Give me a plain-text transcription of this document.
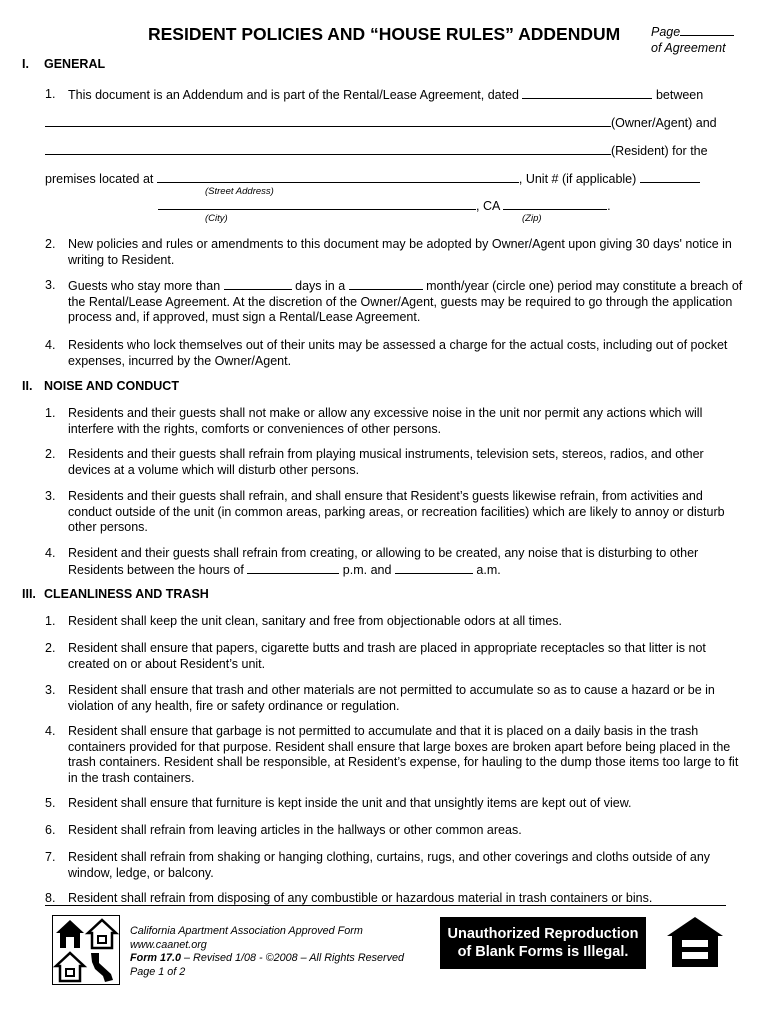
RESIDENT POLICIES AND “HOUSE RULES” ADDENDUM Page
of Agreement
I. GENERAL
1. This document is an Addendum and is part of the Rental/Lease Agreement, dated	between
(Owner/Agent) and
(Resident) for the
premises located at	, Unit # (if applicable)
(Street Address)
, CA	.
(City)	(Zip)
2. New policies and rules or amendments to this document may be adopted by Owner/Agent upon giving 30 days' notice in writing to Resident.
3. Guests who stay more than	days in a	month/year (circle one) period may constitute a breach of the Rental/Lease Agreement. At the discretion of the Owner/Agent, guests may be required to go through the application process and, if approved, must sign a Rental/Lease Agreement.
4. Residents who lock themselves out of their units may be assessed a charge for the actual costs, including out of pocket expenses, incurred by the Owner/Agent.
II. NOISE AND CONDUCT
1. Residents and their guests shall not make or allow any excessive noise in the unit nor permit any actions which will interfere with the rights, comforts or conveniences of other persons.
2. Residents and their guests shall refrain from playing musical instruments, television sets, stereos, radios, and other devices at a volume which will disturb other persons.
3. Residents and their guests shall refrain, and shall ensure that Resident’s guests likewise refrain, from activities and conduct outside of the unit (in common areas, parking areas, or recreation facilities) which are likely to annoy or disturb other persons.
4. Resident and their guests shall refrain from creating, or allowing to be created, any noise that is disturbing to other Residents between the hours of	p.m. and	a.m.
III. CLEANLINESS AND TRASH
1. Resident shall keep the unit clean, sanitary and free from objectionable odors at all times.
2. Resident shall ensure that papers, cigarette butts and trash are placed in appropriate receptacles so that litter is not created on or about Resident’s unit.
3. Resident shall ensure that trash and other materials are not permitted to accumulate so as to cause a hazard or be in violation of any health, fire or safety ordinance or regulation.
4. Resident shall ensure that garbage is not permitted to accumulate and that it is placed on a daily basis in the trash containers provided for that purpose. Resident shall ensure that large boxes are broken apart before being placed in the trash containers. Resident shall be responsible, at Resident’s expense, for hauling to the dump those items too large to fit in the trash containers.
5. Resident shall ensure that furniture is kept inside the unit and that unsightly items are kept out of view.
6. Resident shall refrain from leaving articles in the hallways or other common areas.
7. Resident shall refrain from shaking or hanging clothing, curtains, rugs, and other coverings and cloths outside of any window, ledge, or balcony.
8. Resident shall refrain from disposing of any combustible or hazardous material in trash containers or bins.
California Apartment Association Approved Form
www.caanet.org
Form 17.0 – Revised 1/08 - ©2008 – All Rights Reserved
Page 1 of 2
Unauthorized Reproduction
of Blank Forms is Illegal.
